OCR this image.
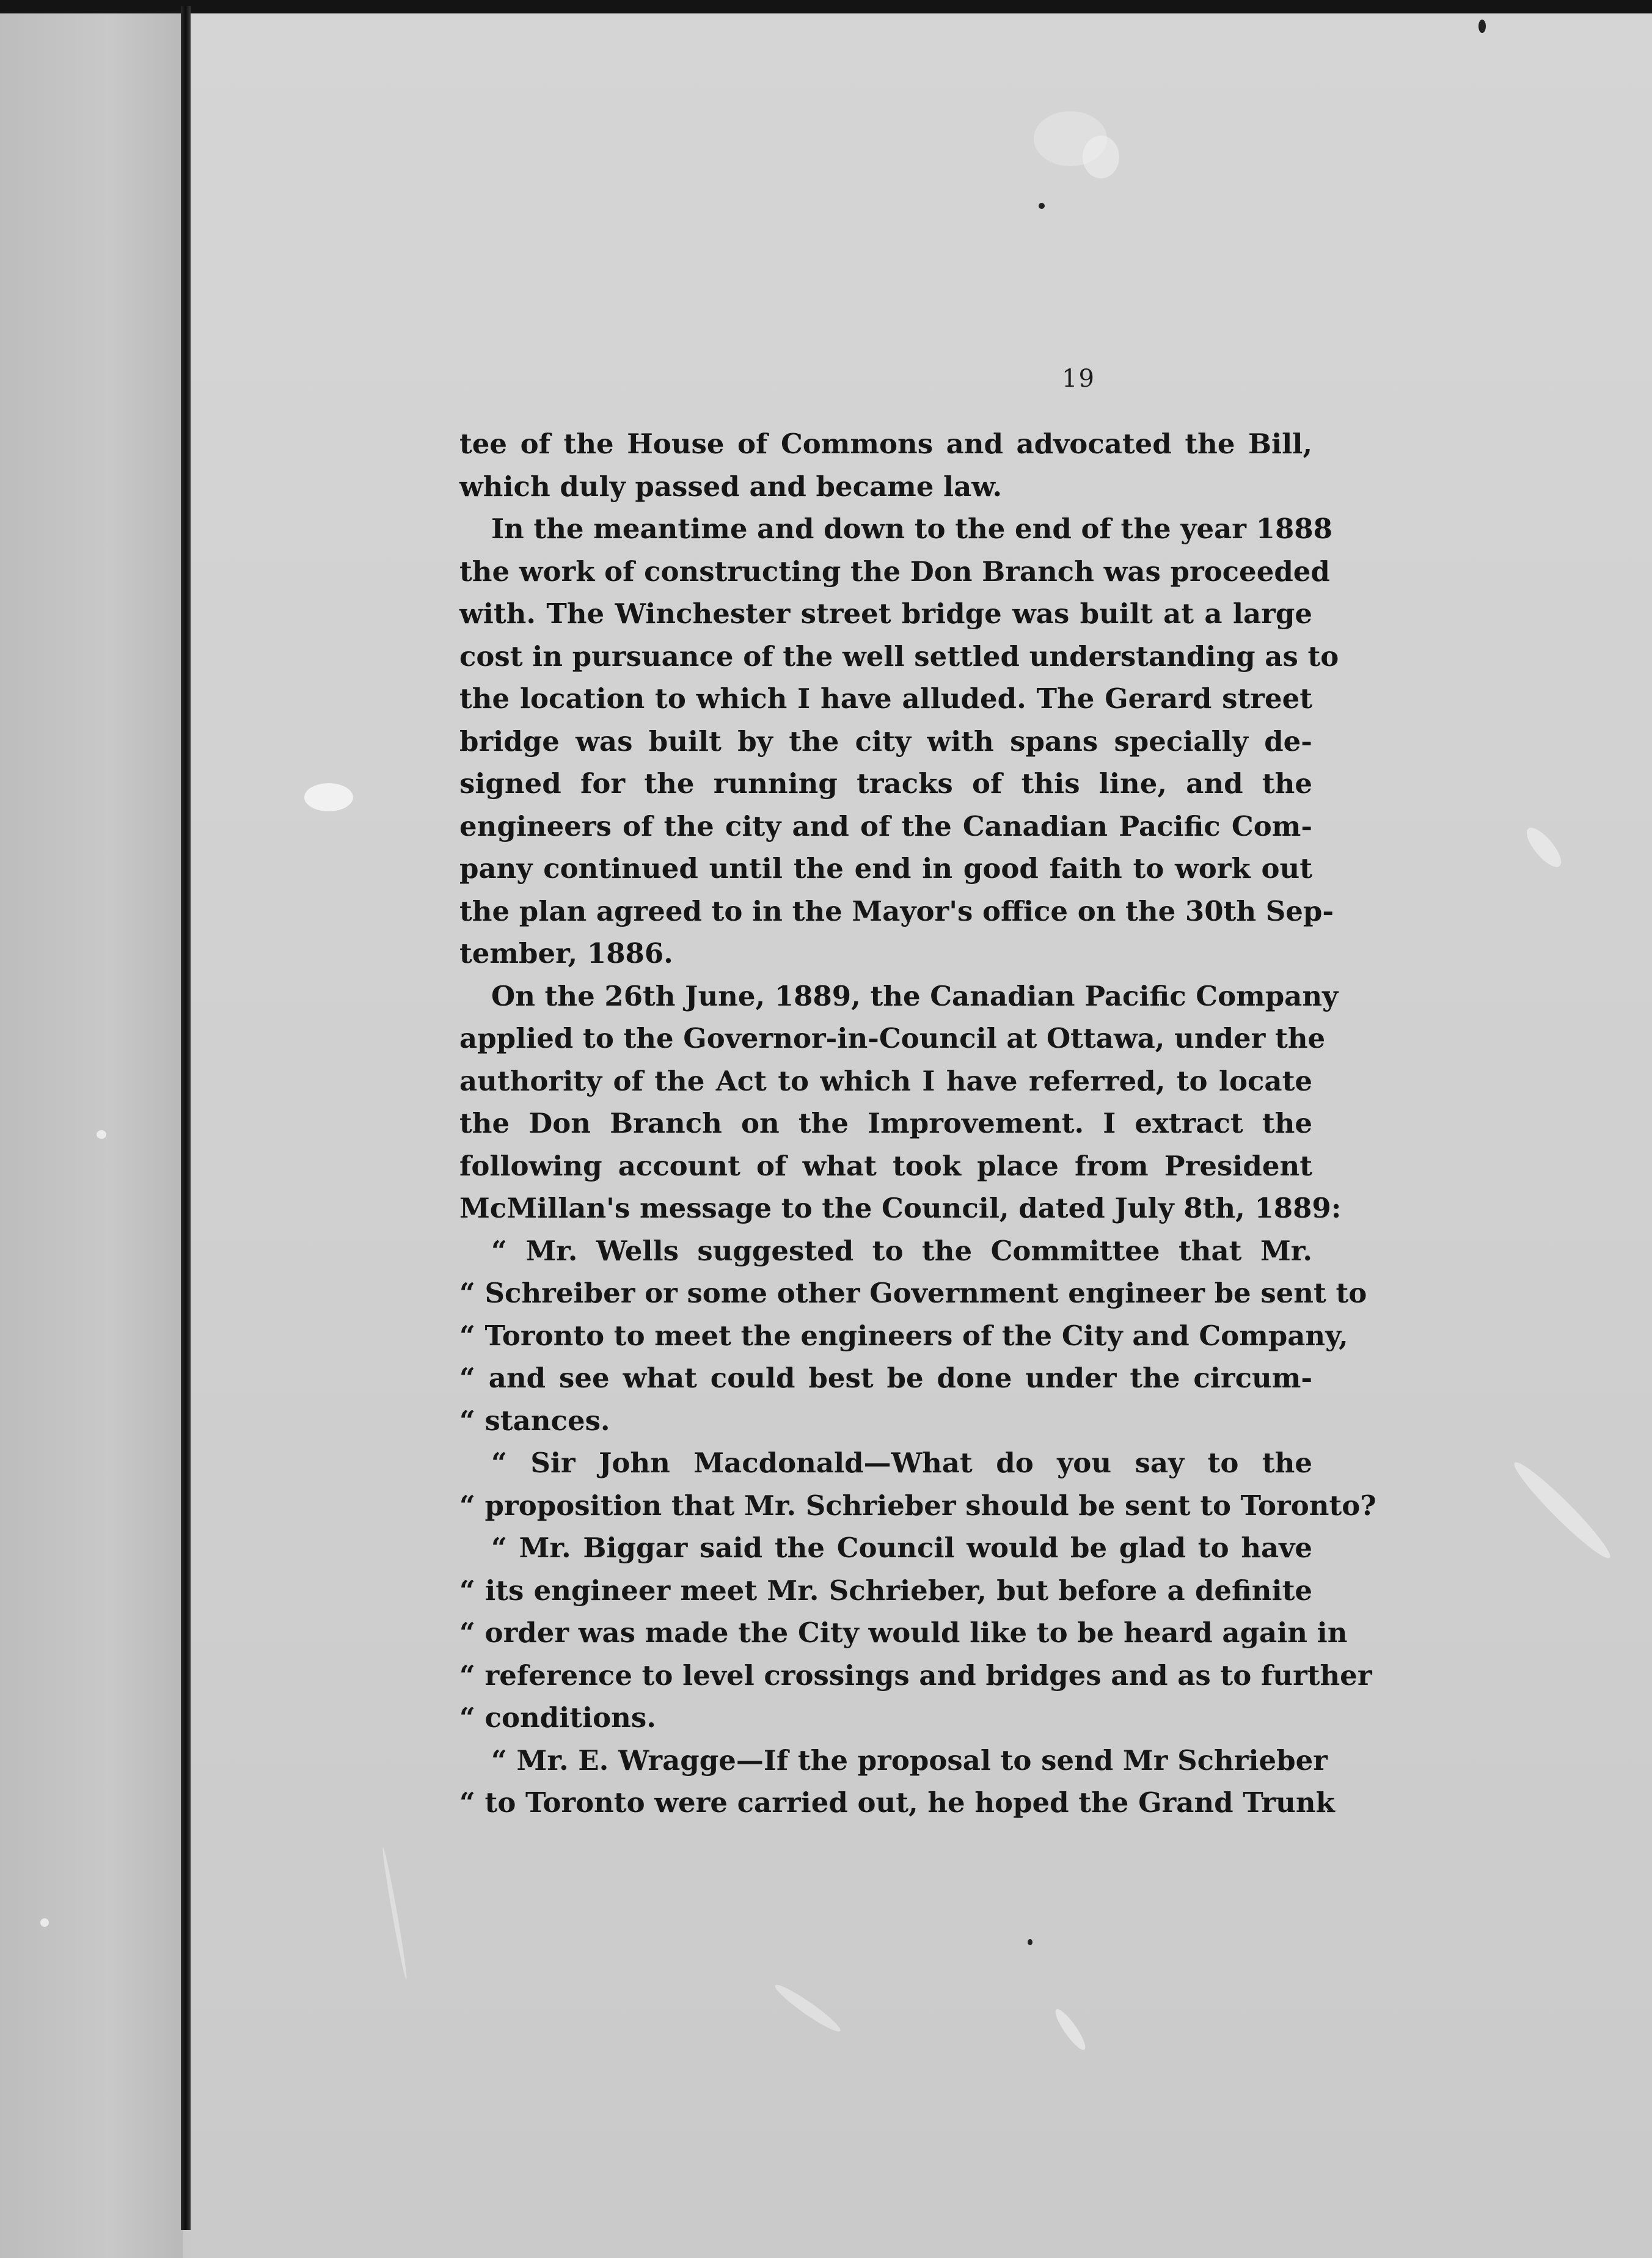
19
tee of the House of Commons and advocated the Bill,
which duly passed and became law.
In the meantime and down to the end of the year 1888
the work of constructing the Don Branch was proceeded
with. The Winchester street bridge was built at a large
cost in pursuance of the well settled understanding as to
the location to which I have alluded. The Gerard street
bridge was built by the city with spans specially de-
signed for the running tracks of this line, and the
engineers of the city and of the Canadian Pacific Com-
pany continued until the end in good faith to work out
the plan agreed to in the Mayor's office on the 30th Sep-
tember, 1886.
On the 26th June, 1889, the Canadian Pacific Company
applied to the Governor-in-Council at Ottawa, under the
authority of the Act to which I have referred, to locate
the Don Branch on the Improvement. I extract the
following account of what took place from President
McMillan's message to the Council, dated July 8th, 1889:
“ Mr. Wells suggested to the Committee that Mr.
“ Schreiber or some other Government engineer be sent to
“ Toronto to meet the engineers of the City and Company,
“ and see what could best be done under the circum-
“ stances.
“ Sir John Macdonald—What do you say to the
“ proposition that Mr. Schrieber should be sent to Toronto?
“ Mr. Biggar said the Council would be glad to have
“ its engineer meet Mr. Schrieber, but before a definite
“ order was made the City would like to be heard again in
“ reference to level crossings and bridges and as to further
“ conditions.
“ Mr. E. Wragge—If the proposal to send Mr Schrieber
“ to Toronto were carried out, he hoped the Grand Trunk
